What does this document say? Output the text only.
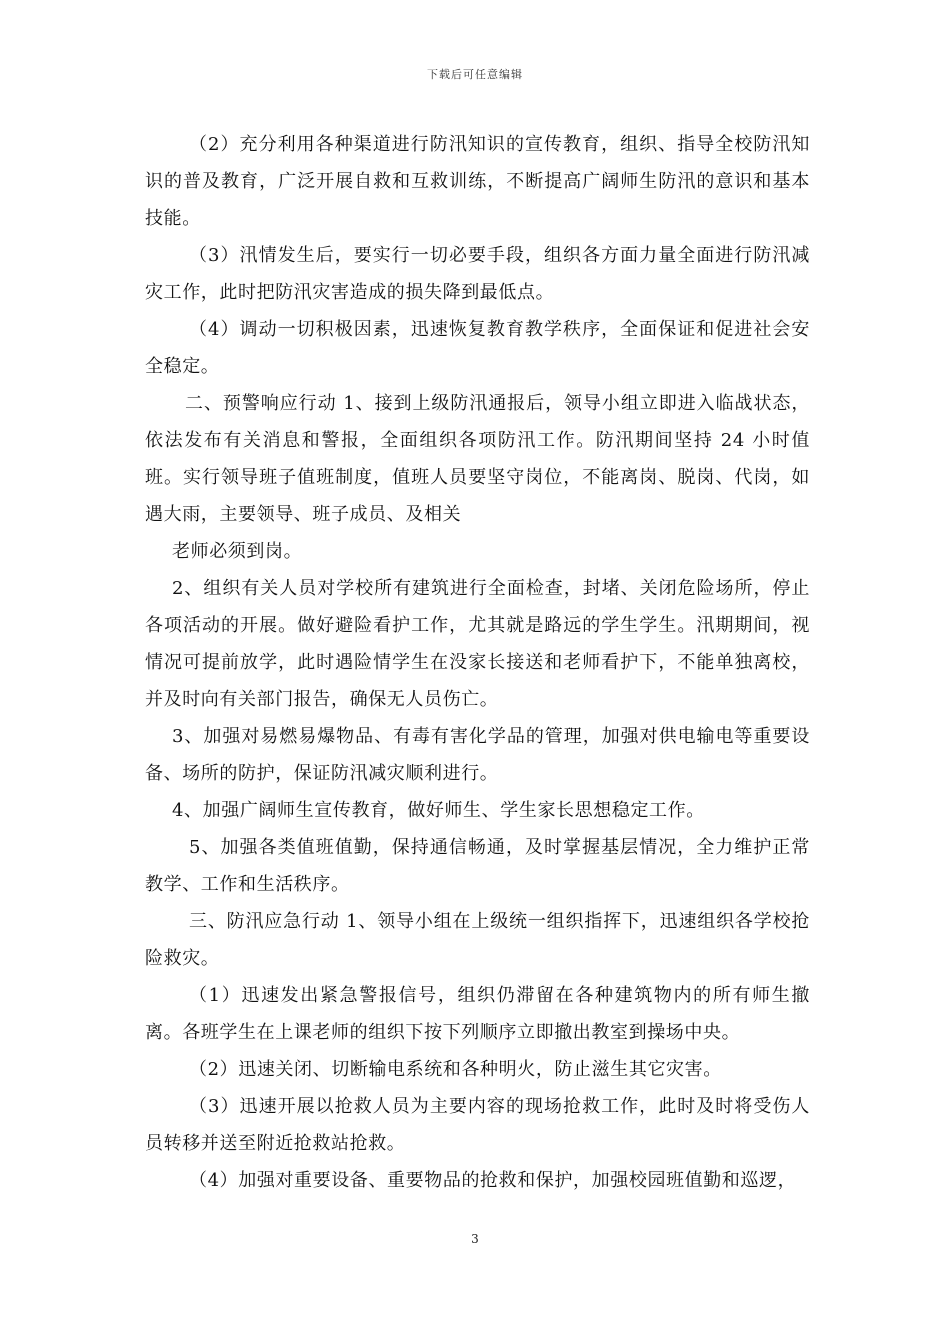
下载后可任意编辑

（2）充分利用各种渠道进行防汛知识的宣传教育，组织、指导全校防汛知识的普及教育，广泛开展自救和互救训练，不断提高广阔师生防汛的意识和基本技能。

（3）汛情发生后，要实行一切必要手段，组织各方面力量全面进行防汛减灾工作，此时把防汛灾害造成的损失降到最低点。

（4）调动一切积极因素，迅速恢复教育教学秩序，全面保证和促进社会安全稳定。

二、预警响应行动 1、接到上级防汛通报后，领导小组立即进入临战状态，依法发布有关消息和警报，全面组织各项防汛工作。防汛期间坚持 24 小时值班。实行领导班子值班制度，值班人员要坚守岗位，不能离岗、脱岗、代岗，如遇大雨，主要领导、班子成员、及相关

老师必须到岗。

2、组织有关人员对学校所有建筑进行全面检查，封堵、关闭危险场所，停止各项活动的开展。做好避险看护工作，尤其就是路远的学生学生。汛期期间，视情况可提前放学，此时遇险情学生在没家长接送和老师看护下，不能单独离校，并及时向有关部门报告，确保无人员伤亡。

3、加强对易燃易爆物品、有毒有害化学品的管理，加强对供电输电等重要设备、场所的防护，保证防汛减灾顺利进行。

4、加强广阔师生宣传教育，做好师生、学生家长思想稳定工作。

5、加强各类值班值勤，保持通信畅通，及时掌握基层情况，全力维护正常教学、工作和生活秩序。

三、防汛应急行动 1、领导小组在上级统一组织指挥下，迅速组织各学校抢险救灾。

（1）迅速发出紧急警报信号，组织仍滞留在各种建筑物内的所有师生撤离。各班学生在上课老师的组织下按下列顺序立即撤出教室到操场中央。

（2）迅速关闭、切断输电系统和各种明火，防止滋生其它灾害。

（3）迅速开展以抢救人员为主要内容的现场抢救工作，此时及时将受伤人员转移并送至附近抢救站抢救。

（4）加强对重要设备、重要物品的抢救和保护，加强校园班值勤和巡逻，

3
